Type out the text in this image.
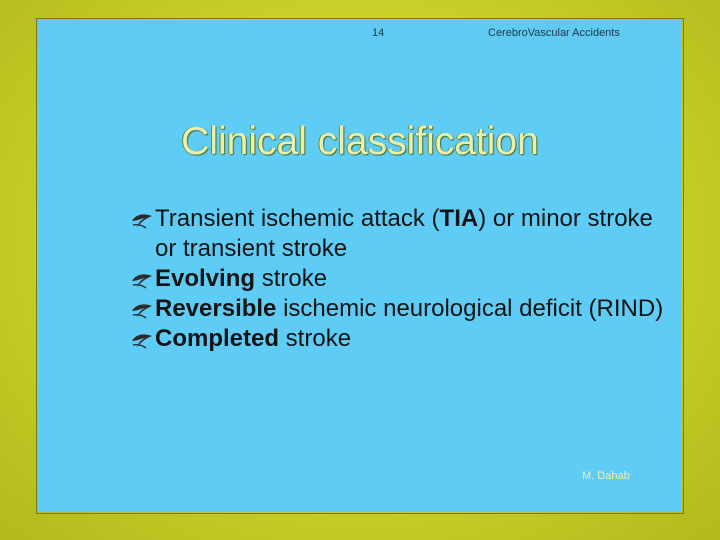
14	CerebroVascular Accidents
Clinical classification

Transient ischemic attack (TIA) or minor stroke or transient stroke

Evolving stroke

Reversible ischemic neurological deficit (RIND)

Completed stroke

M. Dahab
